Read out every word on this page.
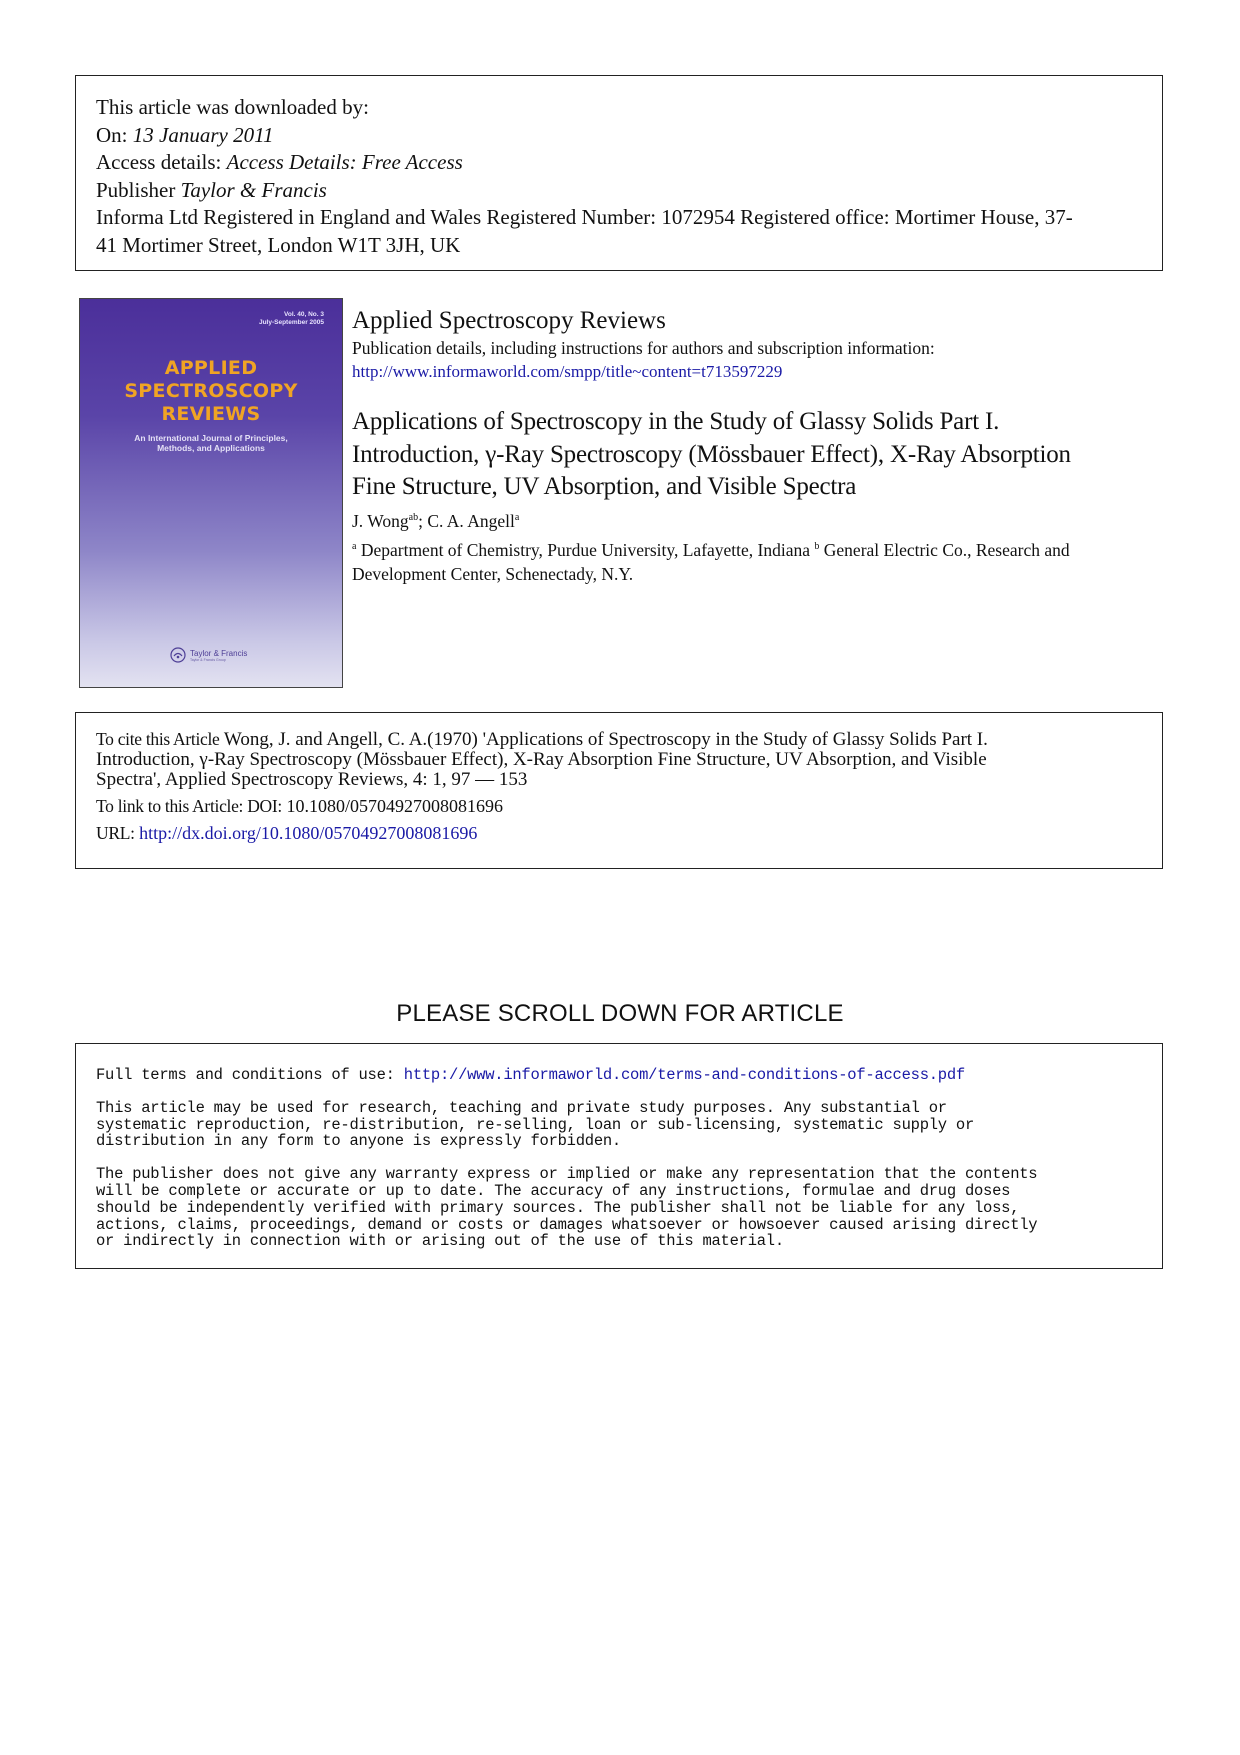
This article was downloaded by:
On: 13 January 2011
Access details: Access Details: Free Access
Publisher Taylor & Francis
Informa Ltd Registered in England and Wales Registered Number: 1072954 Registered office: Mortimer House, 37-
41 Mortimer Street, London W1T 3JH, UK
Vol. 40, No. 3
July-September 2005
APPLIED
SPECTROSCOPY
REVIEWS
An International Journal of Principles,
Methods, and Applications
Taylor & Francis
Taylor & Francis Group
Applied Spectroscopy Reviews
Publication details, including instructions for authors and subscription information:
http://www.informaworld.com/smpp/title~content=t713597229
Applications of Spectroscopy in the Study of Glassy Solids Part I.
Introduction, γ-Ray Spectroscopy (Mössbauer Effect), X-Ray Absorption
Fine Structure, UV Absorption, and Visible Spectra
J. Wong$^{ab}$; C. A. Angell$^a$
$^a$ Department of Chemistry, Purdue University, Lafayette, Indiana $^b$ General Electric Co., Research and
Development Center, Schenectady, N.Y.
To cite this Article Wong, J. and Angell, C. A.(1970) 'Applications of Spectroscopy in the Study of Glassy Solids Part I.
Introduction, γ-Ray Spectroscopy (Mössbauer Effect), X-Ray Absorption Fine Structure, UV Absorption, and Visible
Spectra', Applied Spectroscopy Reviews, 4: 1, 97 — 153
To link to this Article: DOI: 10.1080/05704927008081696
URL: http://dx.doi.org/10.1080/05704927008081696
PLEASE SCROLL DOWN FOR ARTICLE

Full terms and conditions of use: http://www.informaworld.com/terms-and-conditions-of-access.pdf

This article may be used for research, teaching and private study purposes. Any substantial or
systematic reproduction, re-distribution, re-selling, loan or sub-licensing, systematic supply or
distribution in any form to anyone is expressly forbidden.

The publisher does not give any warranty express or implied or make any representation that the contents
will be complete or accurate or up to date. The accuracy of any instructions, formulae and drug doses
should be independently verified with primary sources. The publisher shall not be liable for any loss,
actions, claims, proceedings, demand or costs or damages whatsoever or howsoever caused arising directly
or indirectly in connection with or arising out of the use of this material.
